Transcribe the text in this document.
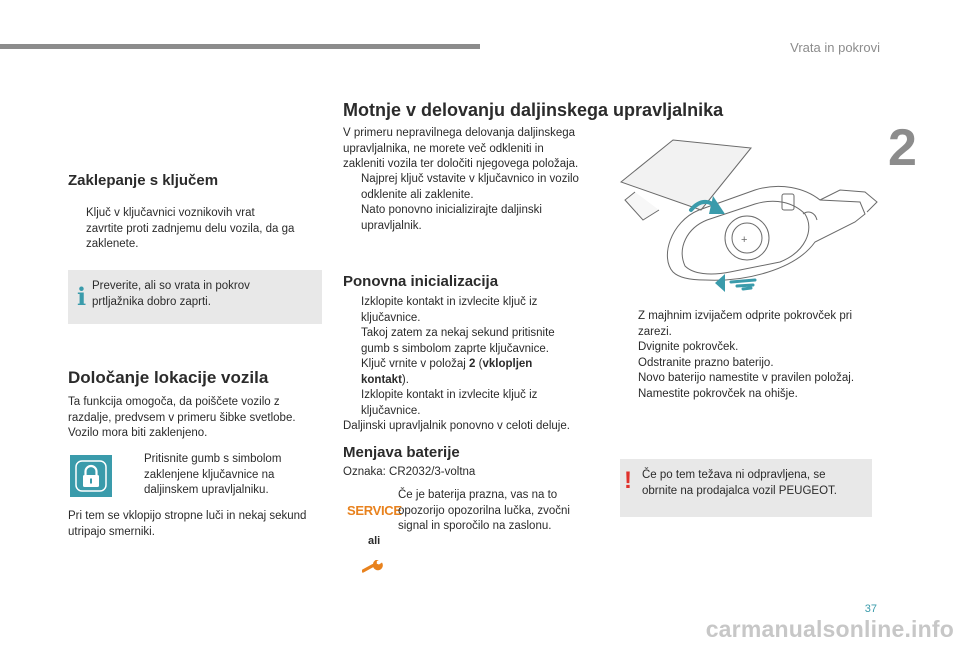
Vrata in pokrovi
2
Zaklepanje s ključem
Ključ v ključavnici voznikovih vrat
zavrtite proti zadnjemu delu vozila, da ga
zaklenete.
i Preverite, ali so vrata in pokrov
prtljažnika dobro zaprti.
Določanje lokacije vozila
Ta funkcija omogoča, da poiščete vozilo z
razdalje, predvsem v primeru šibke svetlobe.
Vozilo mora biti zaklenjeno.
Pritisnite gumb s simbolom
zaklenjene ključavnice na
daljinskem upravljalniku.
Pri tem se vklopijo stropne luči in nekaj sekund
utripajo smerniki.
Motnje v delovanju daljinskega upravljalnika
V primeru nepravilnega delovanja daljinskega
upravljalnika, ne morete več odkleniti in
zakleniti vozila ter določiti njegovega položaja.
Najprej ključ vstavite v ključavnico in vozilo
odklenite ali zaklenite.
Nato ponovno inicializirajte daljinski
upravljalnik.
Ponovna inicializacija
Izklopite kontakt in izvlecite ključ iz
ključavnice.
Takoj zatem za nekaj sekund pritisnite
gumb s simbolom zaprte ključavnice.
Ključ vrnite v položaj 2 (vklopljen
kontakt).
Izklopite kontakt in izvlecite ključ iz
ključavnice.
Daljinski upravljalnik ponovno v celoti deluje.
Menjava baterije
Oznaka: CR2032/3-voltna
SERVICE
ali
Če je baterija prazna, vas na to
opozorijo opozorilna lučka, zvočni
signal in sporočilo na zaslonu.
+
Z majhnim izvijačem odprite pokrovček pri
zarezi.
Dvignite pokrovček.
Odstranite prazno baterijo.
Novo baterijo namestite v pravilen položaj.
Namestite pokrovček na ohišje.
! Če po tem težava ni odpravljena, se
obrnite na prodajalca vozil PEUGEOT.
37
carmanualsonline.info
